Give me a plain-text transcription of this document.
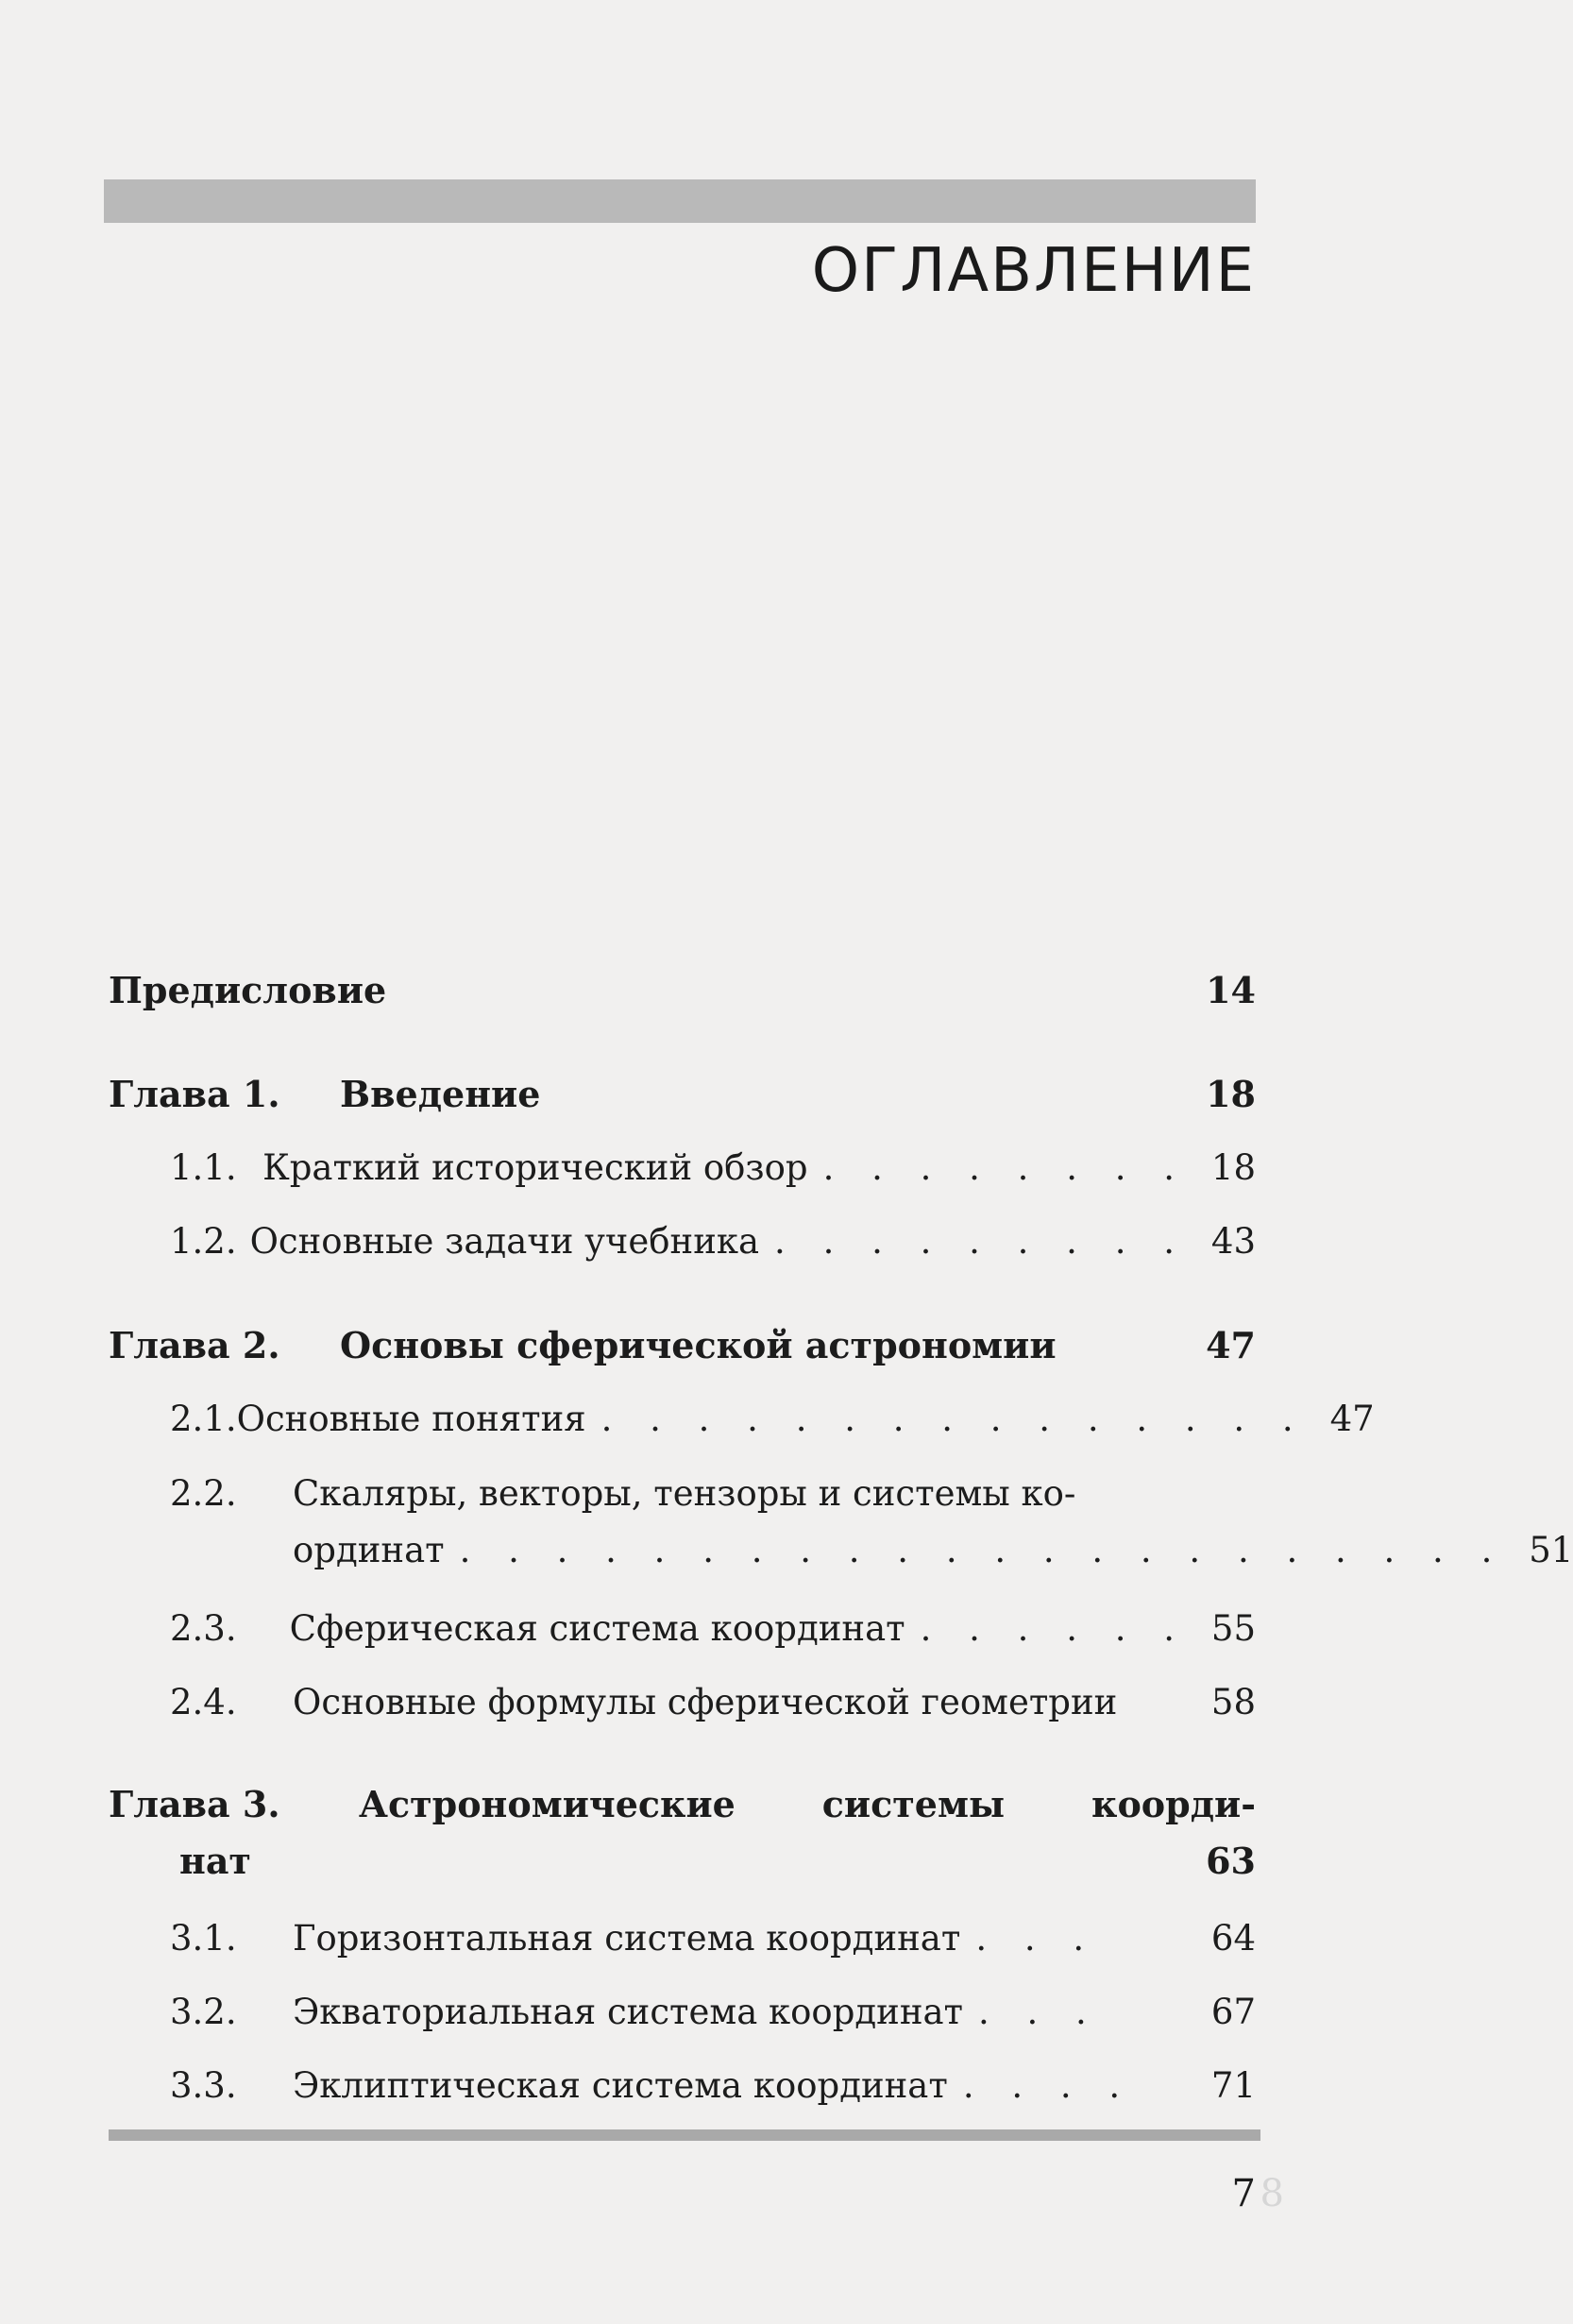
ОГЛАВЛЕНИЕ
Предисловие	14
Глава 1.	Введение	18
1.1. Краткий исторический обзор . . . . . . . . 18
1.2. Основные задачи учебника . . . . . . . . . 43
Глава 2.	Основы сферической астрономии	47
2.1. Основные понятия . . . . . . . . . . . . . . . 47
2.2. Скаляры, векторы, тензоры и системы ко-
ординат . . . . . . . . . . . . . . . . . . . . . . 51
2.3.	Сферическая система координат . . . . . . 55
2.4.	Основные формулы сферической геометрии	58
Глава 3. Астрономические системы коорди-
нат	63
3.1.	Горизонтальная система координат . . .	64
3.2.	Экваториальная система координат . . .	67
3.3.	Эклиптическая система координат . . . .	71
7 8
